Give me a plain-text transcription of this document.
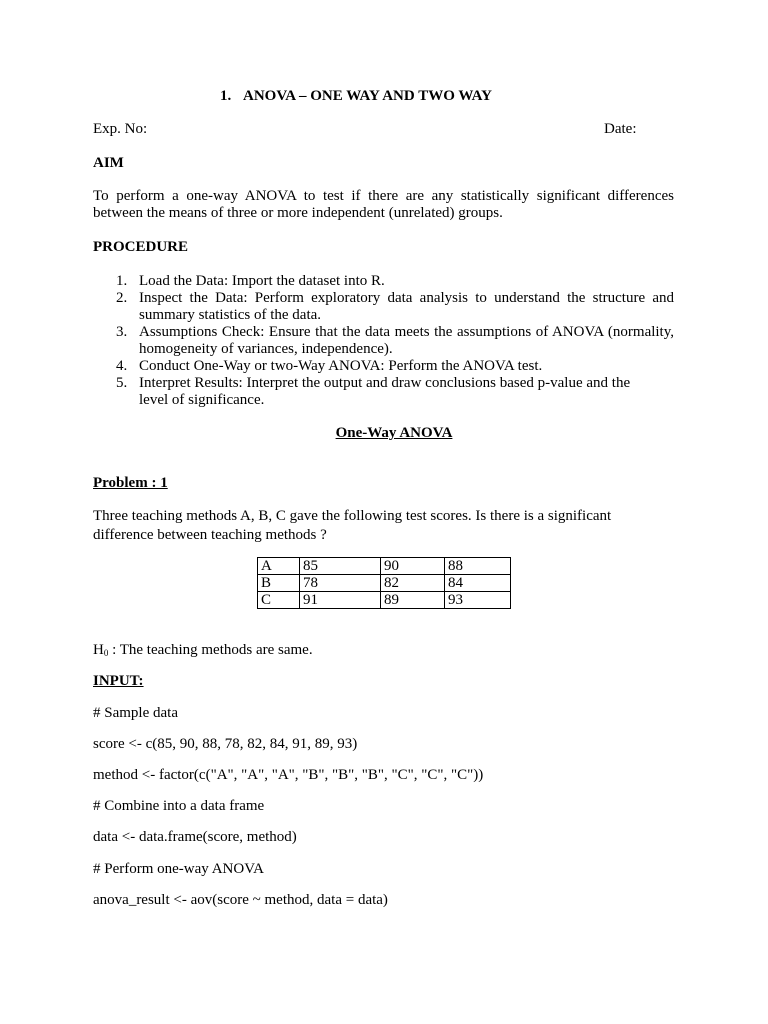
1. ANOVA – ONE WAY AND TWO WAY
Exp. No:	Date:
AIM

To perform a one-way ANOVA to test if there are any statistically significant differences between the means of three or more independent (unrelated) groups.

PROCEDURE
1. Load the Data: Import the dataset into R.
2. Inspect the Data: Perform exploratory data analysis to understand the structure and summary statistics of the data.
3. Assumptions Check: Ensure that the data meets the assumptions of ANOVA (normality, homogeneity of variances, independence).
4. Conduct One-Way or two-Way ANOVA: Perform the ANOVA test.
5. Interpret Results: Interpret the output and draw conclusions based p-value and the level of significance.
One-Way ANOVA
Problem : 1
Three teaching methods A, B, C gave the following test scores. Is there is a significant
difference between teaching methods ?
A	85	90	88
B	78	82	84
C	91	89	93
$H_0$ : The teaching methods are same.
INPUT:
# Sample data
score <- c(85, 90, 88, 78, 82, 84, 91, 89, 93)
method <- factor(c("A", "A", "A", "B", "B", "B", "C", "C", "C"))
# Combine into a data frame
data <- data.frame(score, method)
# Perform one-way ANOVA
anova_result <- aov(score ~ method, data = data)
